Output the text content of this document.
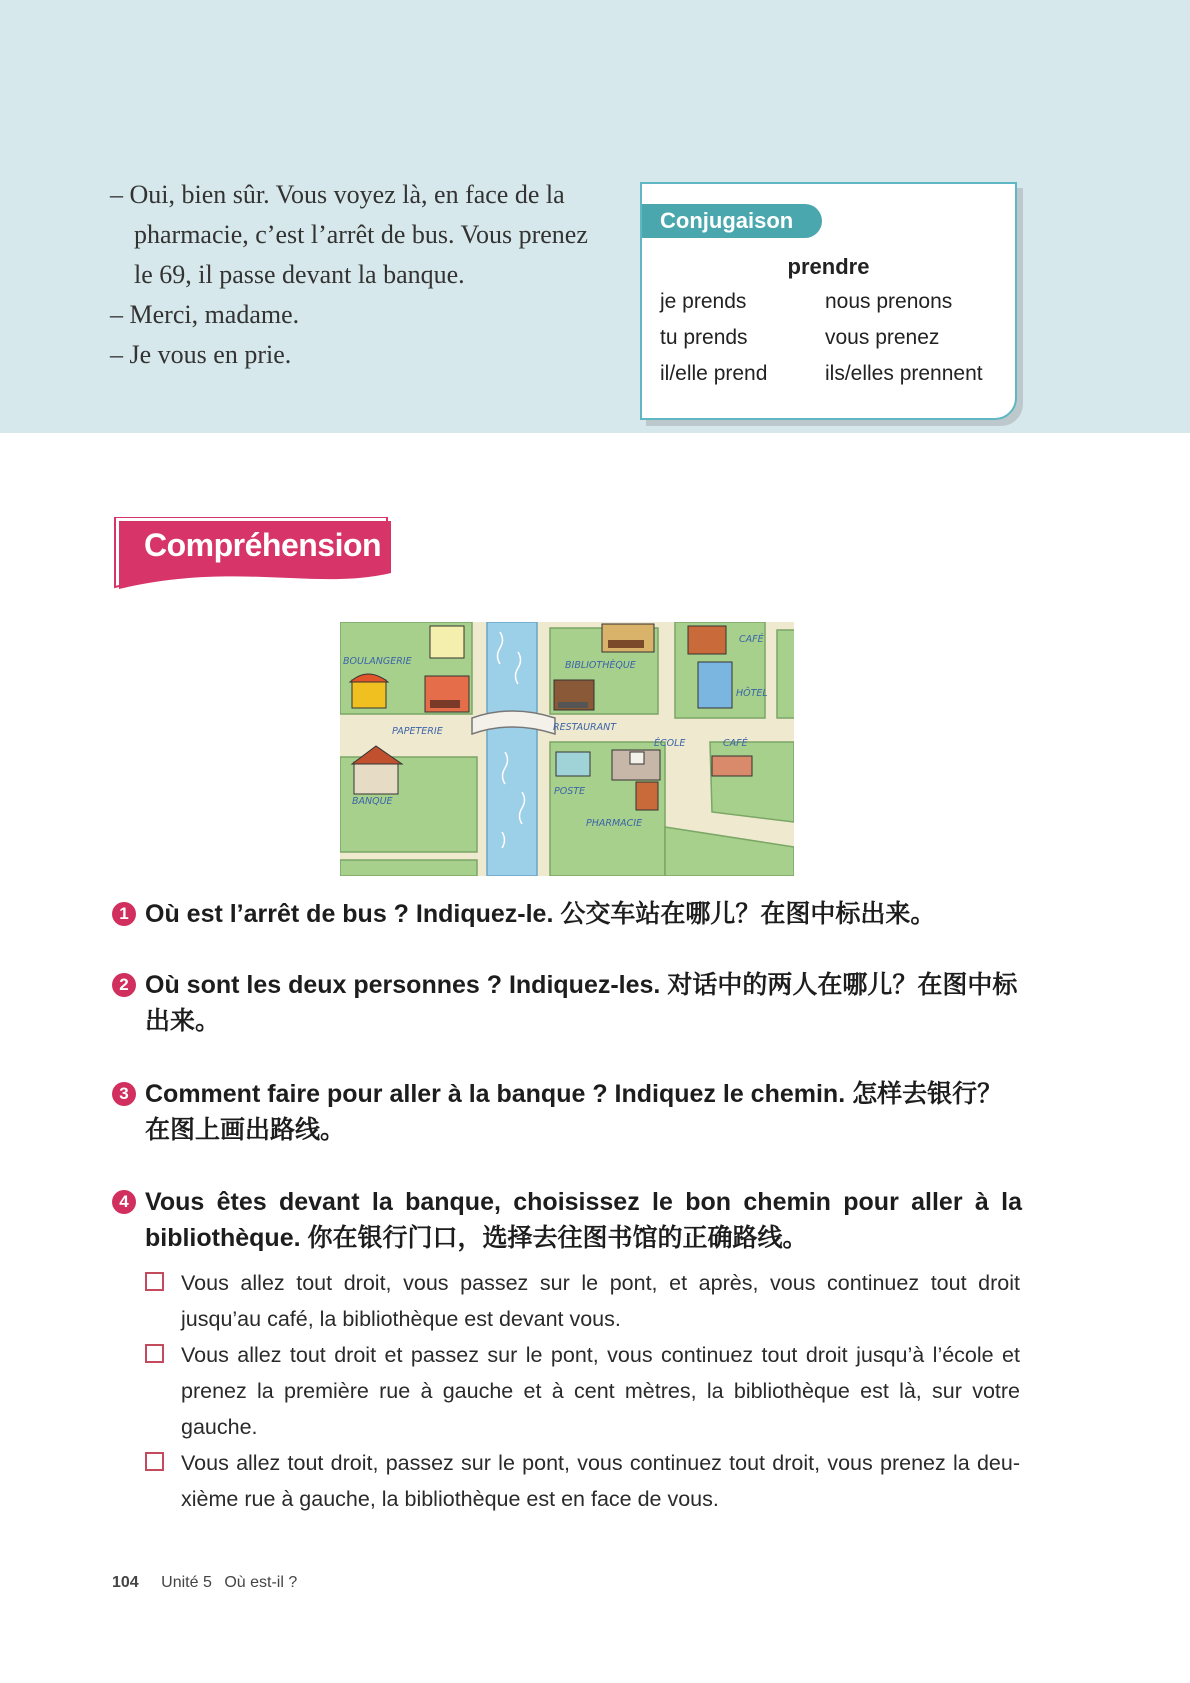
– Oui, bien sûr. Vous voyez là, en face de la pharmacie, c’est l’arrêt de bus. Vous prenez le 69, il passe devant la banque.

– Merci, madame.

– Je vous en prie.

Conjugaison
prendre
je prends	nous prenons
tu prends	vous prenez
il/elle prend	ils/elles prennent
Compréhension
BOULANGERIE
PAPETERIE
BANQUE
BIBLIOTHÈQUE
RESTAURANT
POSTE
PHARMACIE
ÉCOLE
CAFÉ
HÔTEL
CAFÉ
1 Où est l’arrêt de bus ? Indiquez-le. 公交车站在哪儿？在图中标出来。
2 Où sont les deux personnes ? Indiquez-les. 对话中的两人在哪儿？在图中标出来。
3 Comment faire pour aller à la banque ? Indiquez le chemin. 怎样去银行？在图上画出路线。
4 Vous êtes devant la banque, choisissez le bon chemin pour aller à la bibliothèque. 你在银行门口，选择去往图书馆的正确路线。
Vous allez tout droit, vous passez sur le pont, et après, vous continuez tout droit jusqu’au café, la bibliothèque est devant vous.
Vous allez tout droit et passez sur le pont, vous continuez tout droit jusqu’à l’école et prenez la première rue à gauche et à cent mètres, la bibliothèque est là, sur votre gauche.
Vous allez tout droit, passez sur le pont, vous continuez tout droit, vous prenez la deu-xième rue à gauche, la bibliothèque est en face de vous.
104 Unité 5 Où est-il ?
